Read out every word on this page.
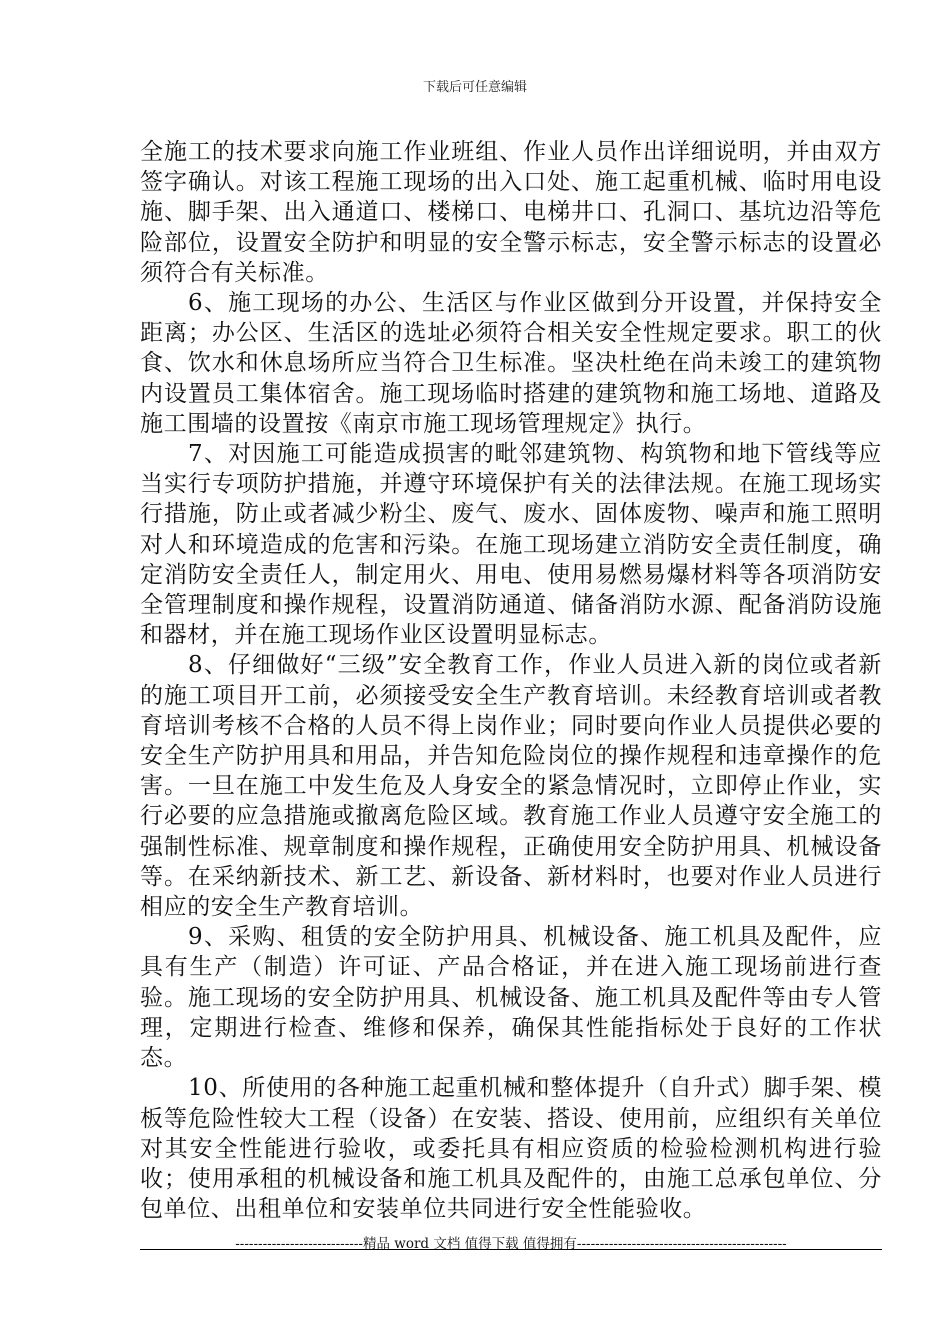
下载后可任意编辑

全施工的技术要求向施工作业班组、作业人员作出详细说明，并由双方签字确认。对该工程施工现场的出入口处、施工起重机械、临时用电设施、脚手架、出入通道口、楼梯口、电梯井口、孔洞口、基坑边沿等危险部位，设置安全防护和明显的安全警示标志，安全警示标志的设置必须符合有关标准。

6、施工现场的办公、生活区与作业区做到分开设置，并保持安全距离；办公区、生活区的选址必须符合相关安全性规定要求。职工的伙食、饮水和休息场所应当符合卫生标准。坚决杜绝在尚未竣工的建筑物内设置员工集体宿舍。施工现场临时搭建的建筑物和施工场地、道路及施工围墙的设置按《南京市施工现场管理规定》执行。

7、对因施工可能造成损害的毗邻建筑物、构筑物和地下管线等应当实行专项防护措施，并遵守环境保护有关的法律法规。在施工现场实行措施，防止或者减少粉尘、废气、废水、固体废物、噪声和施工照明对人和环境造成的危害和污染。在施工现场建立消防安全责任制度，确定消防安全责任人，制定用火、用电、使用易燃易爆材料等各项消防安全管理制度和操作规程，设置消防通道、储备消防水源、配备消防设施和器材，并在施工现场作业区设置明显标志。

8、仔细做好“三级”安全教育工作，作业人员进入新的岗位或者新的施工项目开工前，必须接受安全生产教育培训。未经教育培训或者教育培训考核不合格的人员不得上岗作业；同时要向作业人员提供必要的安全生产防护用具和用品，并告知危险岗位的操作规程和违章操作的危害。一旦在施工中发生危及人身安全的紧急情况时，立即停止作业，实行必要的应急措施或撤离危险区域。教育施工作业人员遵守安全施工的强制性标准、规章制度和操作规程，正确使用安全防护用具、机械设备等。在采纳新技术、新工艺、新设备、新材料时，也要对作业人员进行相应的安全生产教育培训。

9、采购、租赁的安全防护用具、机械设备、施工机具及配件，应具有生产（制造）许可证、产品合格证，并在进入施工现场前进行查验。施工现场的安全防护用具、机械设备、施工机具及配件等由专人管理，定期进行检查、维修和保养，确保其性能指标处于良好的工作状态。

10、所使用的各种施工起重机械和整体提升（自升式）脚手架、模板等危险性较大工程（设备）在安装、搭设、使用前，应组织有关单位对其安全性能进行验收，或委托具有相应资质的检验检测机构进行验收；使用承租的机械设备和施工机具及配件的，由施工总承包单位、分包单位、出租单位和安装单位共同进行安全性能验收。

----------------------------精品 word 文档 值得下载 值得拥有----------------------------------------------
